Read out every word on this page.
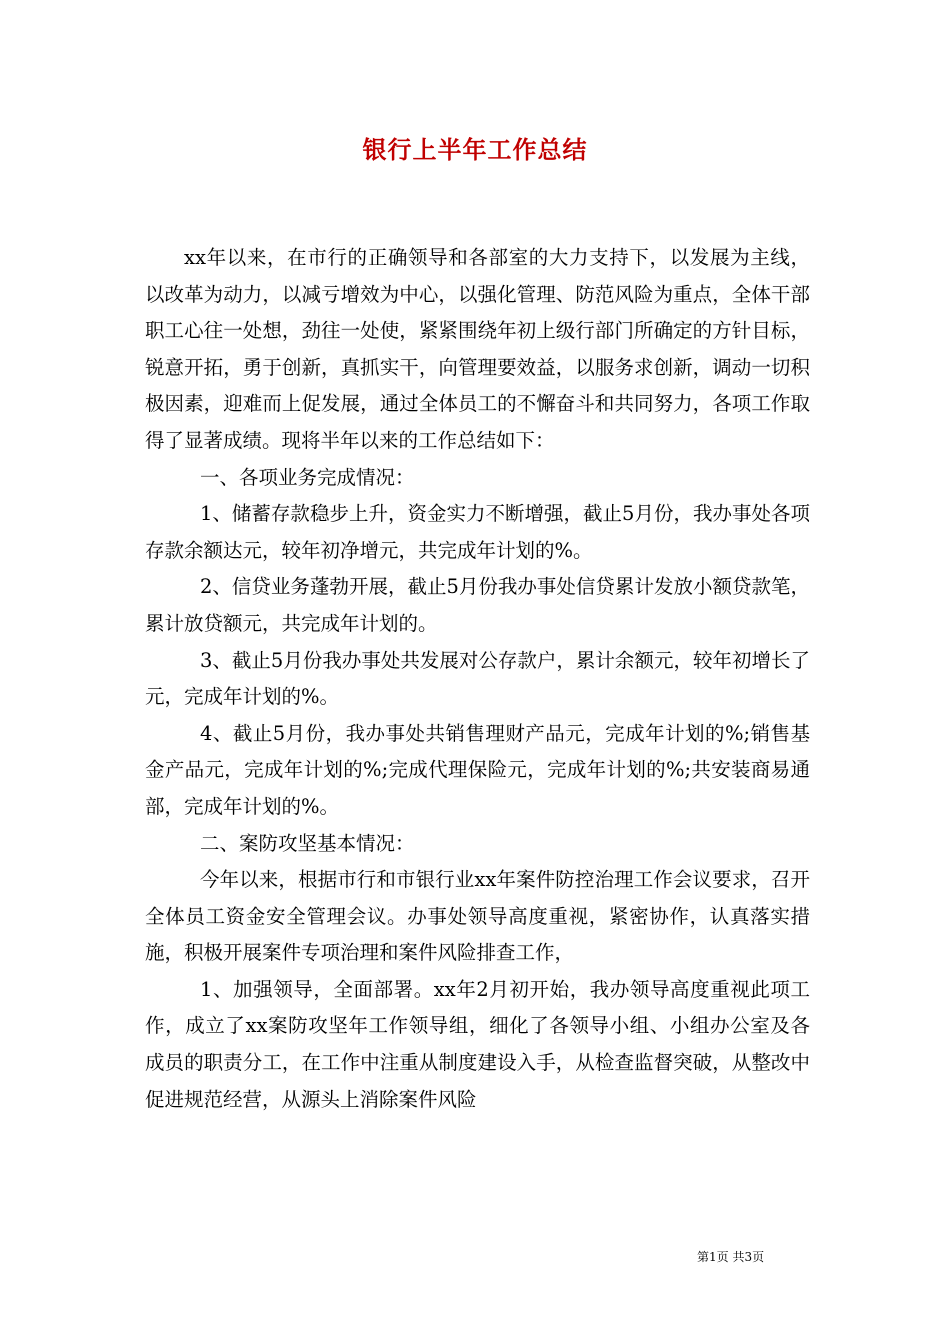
银行上半年工作总结

xx年以来，在市行的正确领导和各部室的大力支持下，以发展为主线，以改革为动力，以减亏增效为中心，以强化管理、防范风险为重点，全体干部职工心往一处想，劲往一处使，紧紧围绕年初上级行部门所确定的方针目标，锐意开拓，勇于创新，真抓实干，向管理要效益，以服务求创新，调动一切积极因素，迎难而上促发展，通过全体员工的不懈奋斗和共同努力，各项工作取得了显著成绩。现将半年以来的工作总结如下：

一、各项业务完成情况：

1、储蓄存款稳步上升，资金实力不断增强，截止5月份，我办事处各项存款余额达元，较年初净增元，共完成年计划的%。

2、信贷业务蓬勃开展，截止5月份我办事处信贷累计发放小额贷款笔，累计放贷额元，共完成年计划的。

3、截止5月份我办事处共发展对公存款户，累计余额元，较年初增长了元，完成年计划的%。

4、截止5月份，我办事处共销售理财产品元，完成年计划的%;销售基金产品元，完成年计划的%;完成代理保险元，完成年计划的%;共安装商易通部，完成年计划的%。

二、案防攻坚基本情况：

今年以来，根据市行和市银行业xx年案件防控治理工作会议要求，召开全体员工资金安全管理会议。办事处领导高度重视，紧密协作，认真落实措施，积极开展案件专项治理和案件风险排查工作，

1、加强领导，全面部署。xx年2月初开始，我办领导高度重视此项工作，成立了xx案防攻坚年工作领导组，细化了各领导小组、小组办公室及各成员的职责分工，在工作中注重从制度建设入手，从检查监督突破，从整改中促进规范经营，从源头上消除案件风险

第1页 共3页
